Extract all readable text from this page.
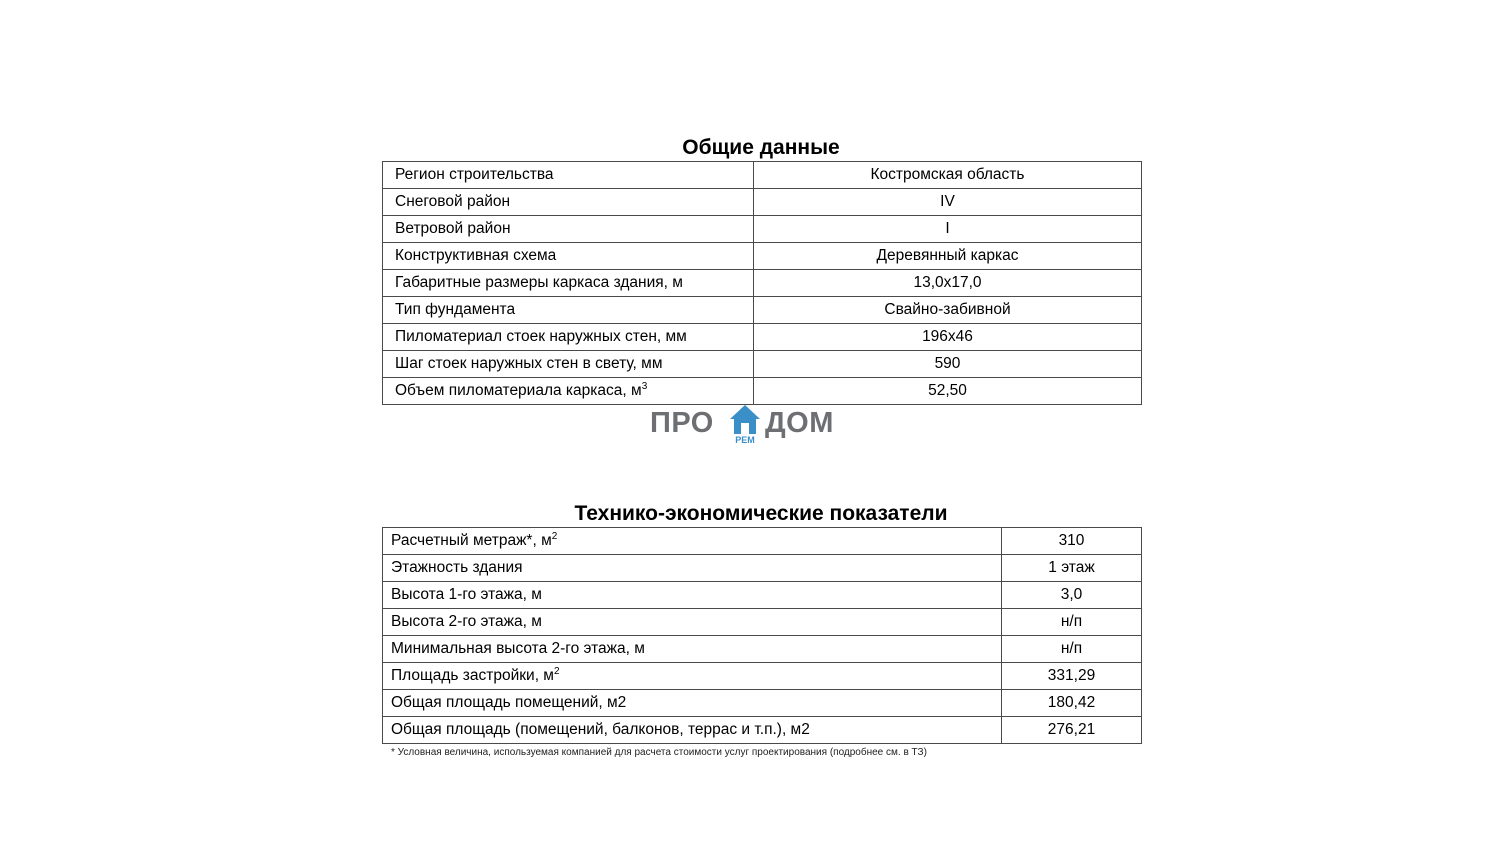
Общие данные
Регион строительства	Костромская область
Снеговой район	IV
Ветровой район	I
Конструктивная схема	Деревянный каркас
Габаритные размеры каркаса здания, м	13,0x17,0
Тип фундамента	Свайно-забивной
Пиломатериал стоек наружных стен, мм	196x46
Шаг стоек наружных стен в свету, мм	590
Объем пиломатериала каркаса, $м^3$	52,50
ПРО
РЕМ
ДОМ
Технико-экономические показатели
Расчетный метраж*, $м^2$	310
Этажность здания	1 этаж
Высота 1-го этажа, м	3,0
Высота 2-го этажа, м	н/п
Минимальная высота 2-го этажа, м	н/п
Площадь застройки, $м^2$	331,29
Общая площадь помещений, м2	180,42
Общая площадь (помещений, балконов, террас и т.п.), м2	276,21
* Условная величина, используемая компанией для расчета стоимости услуг проектирования (подробнее см. в ТЗ)
